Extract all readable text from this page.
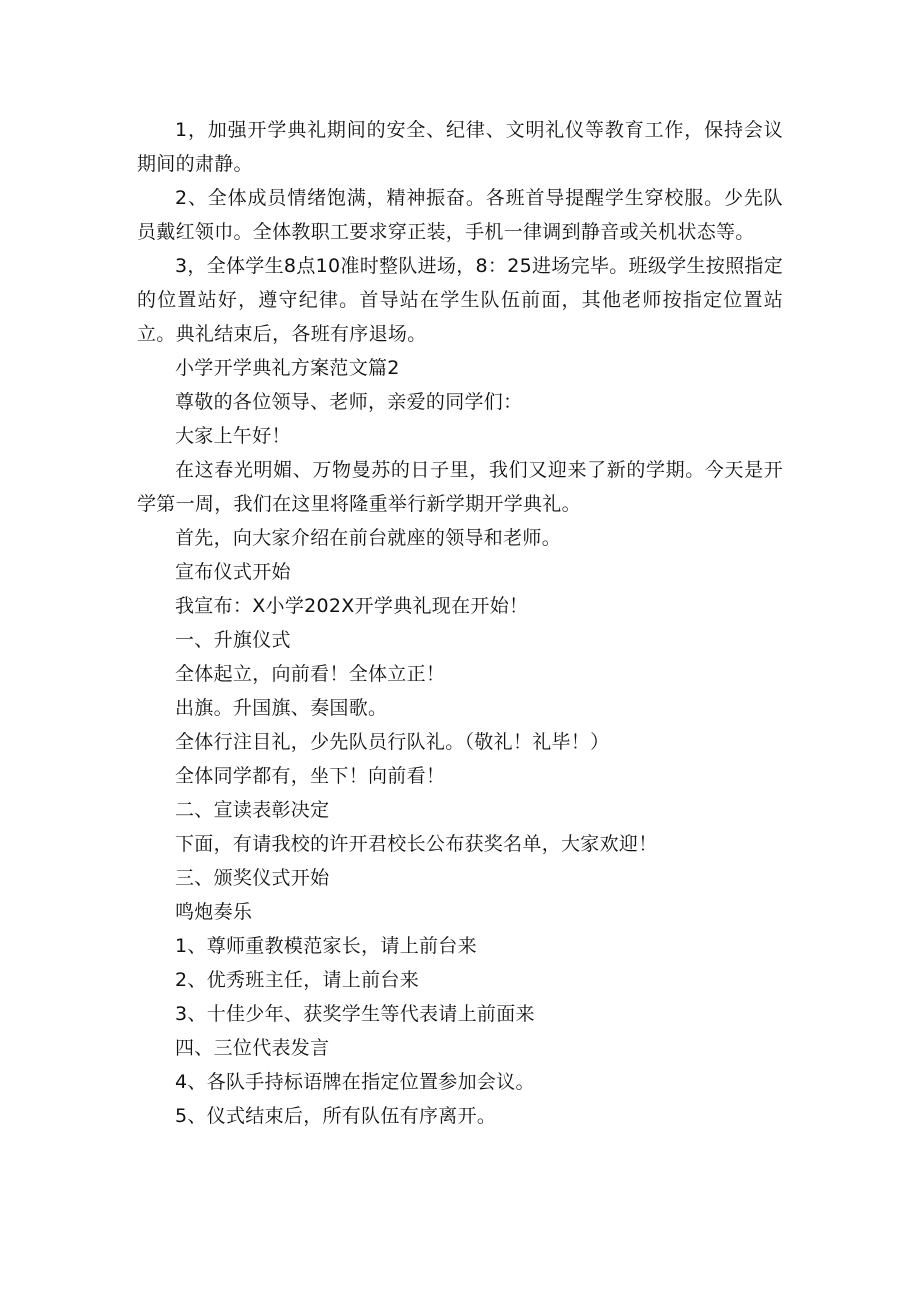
1，加强开学典礼期间的安全、纪律、文明礼仪等教育工作，保持会议期间的肃静。

2、全体成员情绪饱满，精神振奋。各班首导提醒学生穿校服。少先队员戴红领巾。全体教职工要求穿正装，手机一律调到静音或关机状态等。

3，全体学生8点10准时整队进场，8：25进场完毕。班级学生按照指定的位置站好，遵守纪律。首导站在学生队伍前面，其他老师按指定位置站立。典礼结束后，各班有序退场。

小学开学典礼方案范文篇2

尊敬的各位领导、老师，亲爱的同学们：

大家上午好！

在这春光明媚、万物曼苏的日子里，我们又迎来了新的学期。今天是开学第一周，我们在这里将隆重举行新学期开学典礼。

首先，向大家介绍在前台就座的领导和老师。

宣布仪式开始

我宣布：X小学202X开学典礼现在开始！

一、升旗仪式

全体起立，向前看！全体立正！

出旗。升国旗、奏国歌。

全体行注目礼，少先队员行队礼。（敬礼！礼毕！）

全体同学都有，坐下！向前看！

二、宣读表彰决定

下面，有请我校的许开君校长公布获奖名单，大家欢迎！

三、颁奖仪式开始

鸣炮奏乐

1、尊师重教模范家长，请上前台来

2、优秀班主任，请上前台来

3、十佳少年、获奖学生等代表请上前面来

四、三位代表发言

4、各队手持标语牌在指定位置参加会议。

5、仪式结束后，所有队伍有序离开。
